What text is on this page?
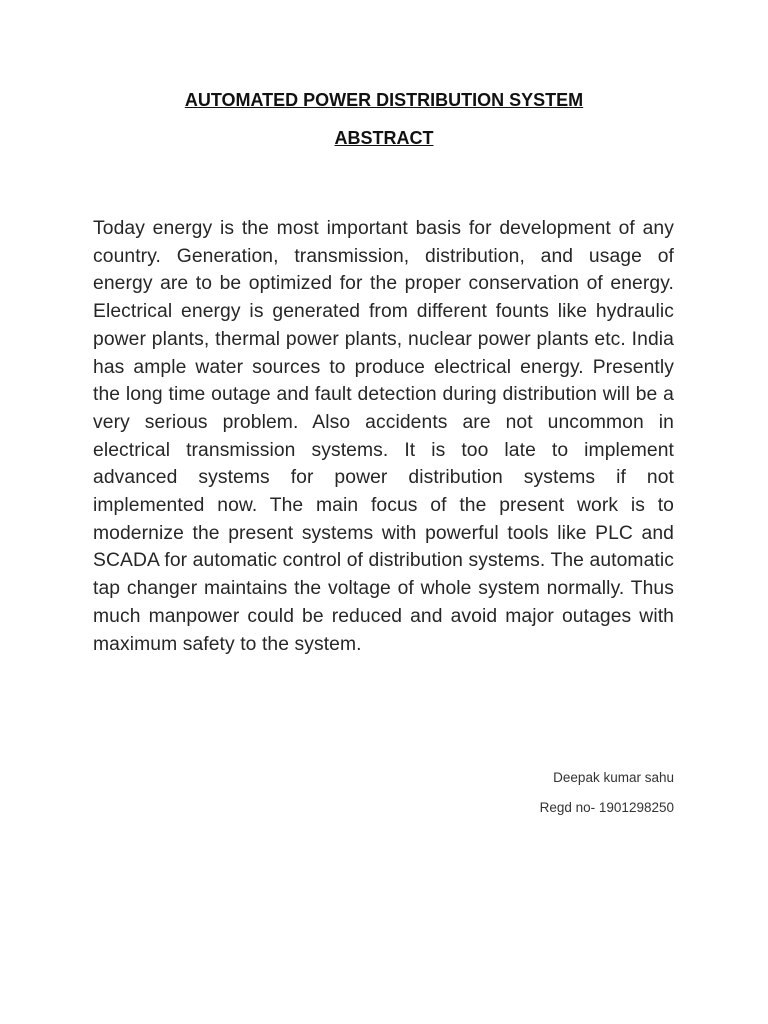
AUTOMATED POWER DISTRIBUTION SYSTEM
ABSTRACT

Today energy is the most important basis for development of any country. Generation, transmission, distribution, and usage of energy are to be optimized for the proper conservation of energy. Electrical energy is generated from different founts like hydraulic power plants, thermal power plants, nuclear power plants etc. India has ample water sources to produce electrical energy. Presently the long time outage and fault detection during distribution will be a very serious problem. Also accidents are not uncommon in electrical transmission systems. It is too late to implement advanced systems for power distribution systems if not implemented now. The main focus of the present work is to modernize the present systems with powerful tools like PLC and SCADA for automatic control of distribution systems. The automatic tap changer maintains the voltage of whole system normally. Thus much manpower could be reduced and avoid major outages with maximum safety to the system.

Deepak kumar sahu

Regd no- 1901298250
